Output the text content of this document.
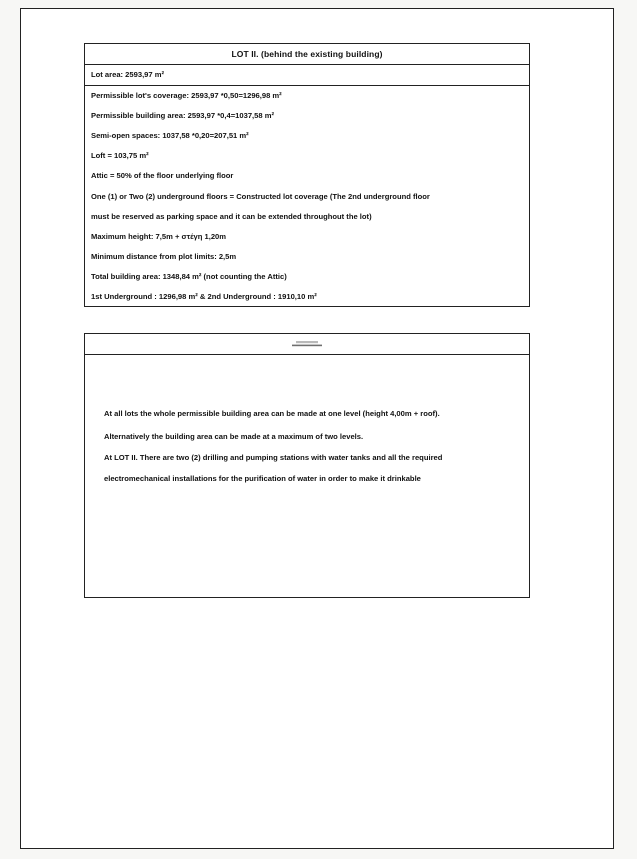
LOT II. (behind the existing building)
Lot area: 2593,97 m²
Permissible lot's coverage: 2593,97 *0,50=1296,98 m²
Permissible building area: 2593,97 *0,4=1037,58 m²
Semi-open spaces: 1037,58 *0,20=207,51 m²
Loft = 103,75 m²
Attic = 50% of the floor underlying floor
One (1) or Two (2) underground floors = Constructed lot coverage (The 2nd underground floor
must be reserved as parking space and it can be extended throughout the lot)
Maximum height: 7,5m + στέγη 1,20m
Minimum distance from plot limits: 2,5m
Total building area: 1348,84 m² (not counting the Attic)
1st Underground : 1296,98 m² & 2nd Underground : 1910,10 m²
At all lots the whole permissible building area can be made at one level (height 4,00m + roof).
Alternatively the building area can be made at a maximum of two levels.
At LOT II. There are two (2) drilling and pumping stations with water tanks and all the required
electromechanical installations for the purification of water in order to make it drinkable
